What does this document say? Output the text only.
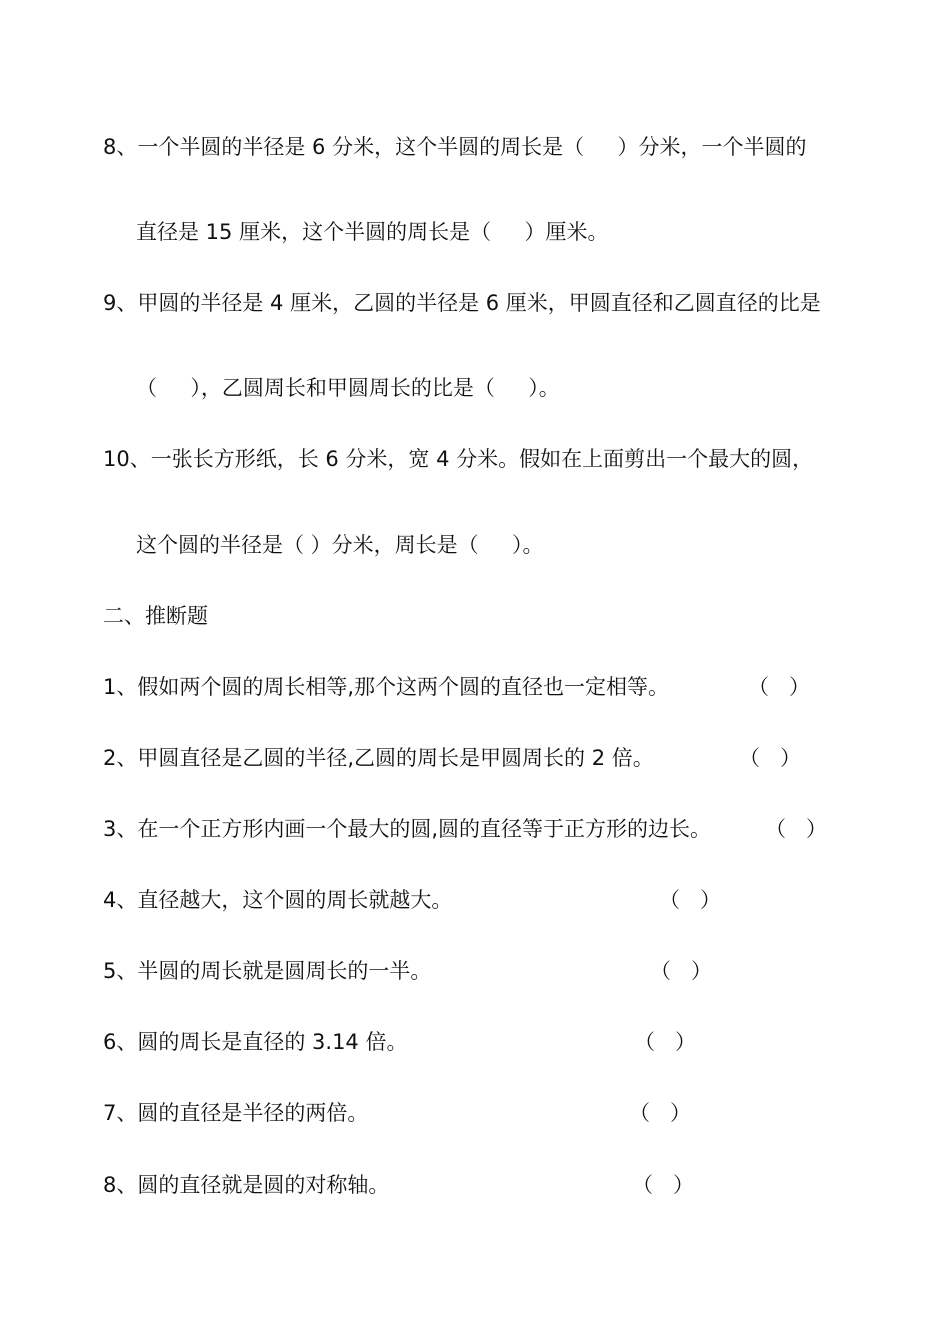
8、一个半圆的半径是 6 分米，这个半圆的周长是（     ）分米，一个半圆的
直径是 15 厘米，这个半圆的周长是（     ）厘米。
9、甲圆的半径是 4 厘米，乙圆的半径是 6 厘米，甲圆直径和乙圆直径的比是
（     ），乙圆周长和甲圆周长的比是（     ）。
10、一张长方形纸，长 6 分米，宽 4 分米。假如在上面剪出一个最大的圆，
这个圆的半径是（ ）分米，周长是（     ）。
二、推断题
1、假如两个圆的周长相等,那个这两个圆的直径也一定相等。	（   ）
2、甲圆直径是乙圆的半径,乙圆的周长是甲圆周长的 2 倍。	（   ）
3、在一个正方形内画一个最大的圆,圆的直径等于正方形的边长。	（   ）
4、直径越大，这个圆的周长就越大。	（   ）
5、半圆的周长就是圆周长的一半。	（   ）
6、圆的周长是直径的 3.14 倍。	（   ）
7、圆的直径是半径的两倍。	（   ）
8、圆的直径就是圆的对称轴。	（   ）
